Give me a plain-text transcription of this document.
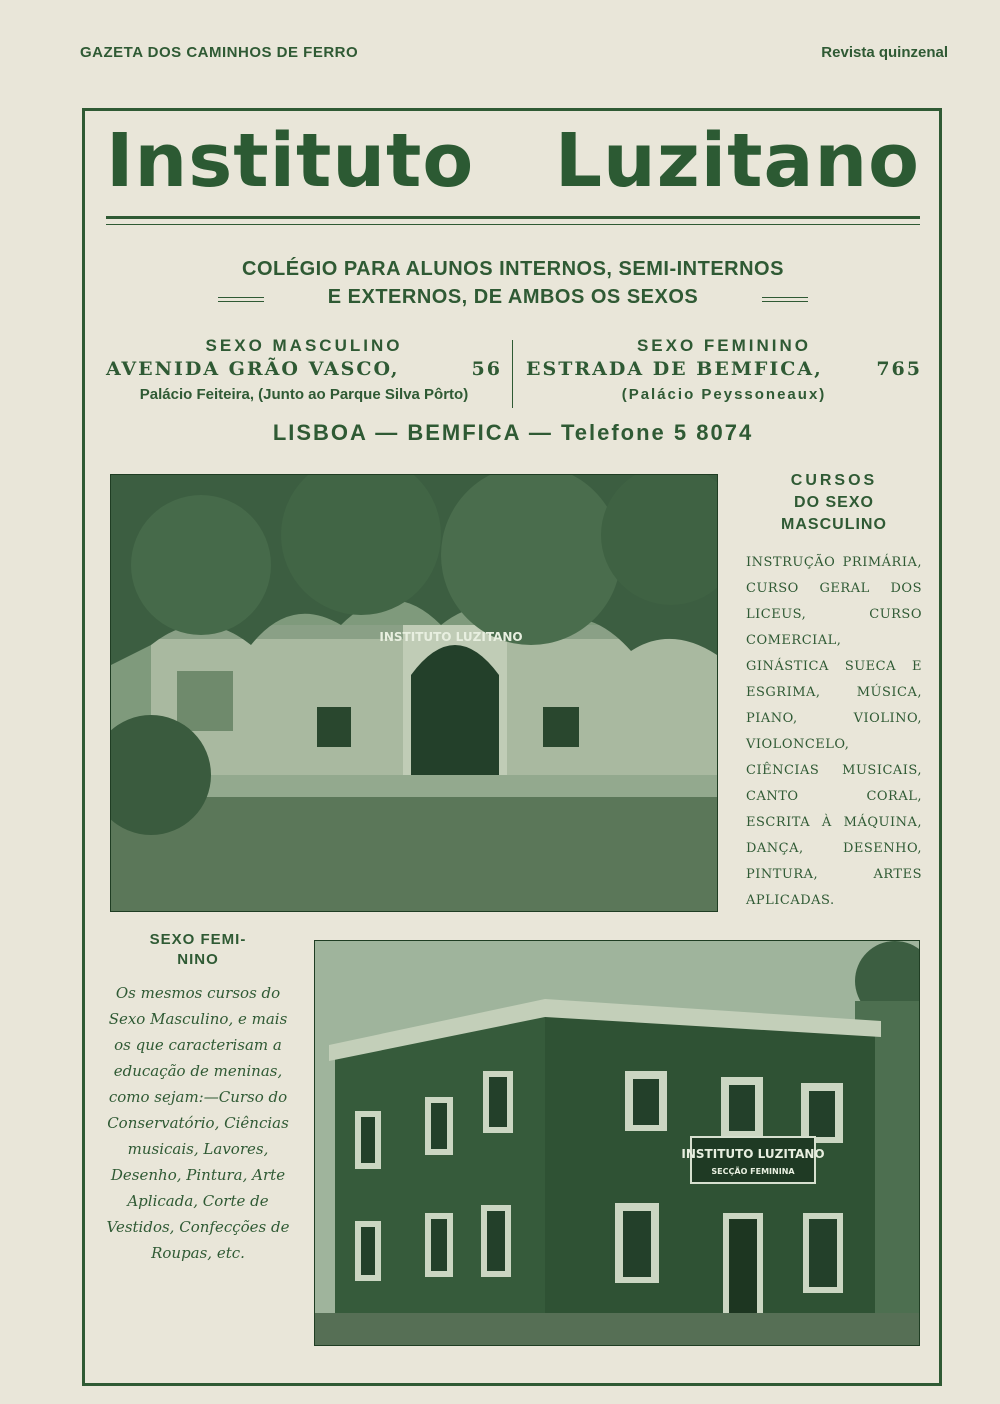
GAZETA DOS CAMINHOS DE FERRO	Revista quinzenal
Instituto Luzitano
COLÉGIO PARA ALUNOS INTERNOS, SEMI-INTERNOS
E EXTERNOS, DE AMBOS OS SEXOS
SEXO MASCULINO
AVENIDA GRÃO VASCO,	56
Palácio Feiteira, (Junto ao Parque Silva Pôrto)
SEXO FEMININO
ESTRADA DE BEMFICA,	765
(Palácio Peyssoneaux)
LISBOA — BEMFICA — Telefone 5 8074
INSTITUTO LUZITANO
CURSOS
DO SEXO
MASCULINO
INSTRUÇÃO PRIMÁRIA, CURSO GERAL DOS LICEUS, CURSO COMERCIAL, GINÁSTICA SUECA E ESGRIMA, MÚSICA, PIANO, VIOLINO, VIOLONCELO, CIÊNCIAS MUSICAIS, CANTO CORAL, ESCRITA À MÁQUINA, DANÇA, DESENHO, PINTURA, ARTES APLICADAS.
SEXO FEMI-
NINO
Os mesmos cursos do Sexo Masculino, e mais os que caracterisam a educação de meninas, como sejam:—Curso do Conservatório, Ciências musicais, Lavores, Desenho, Pintura, Arte Aplicada, Corte de Vestidos, Confecções de Roupas, etc.
INSTITUTO LUZITANO
SECÇÃO FEMININA
